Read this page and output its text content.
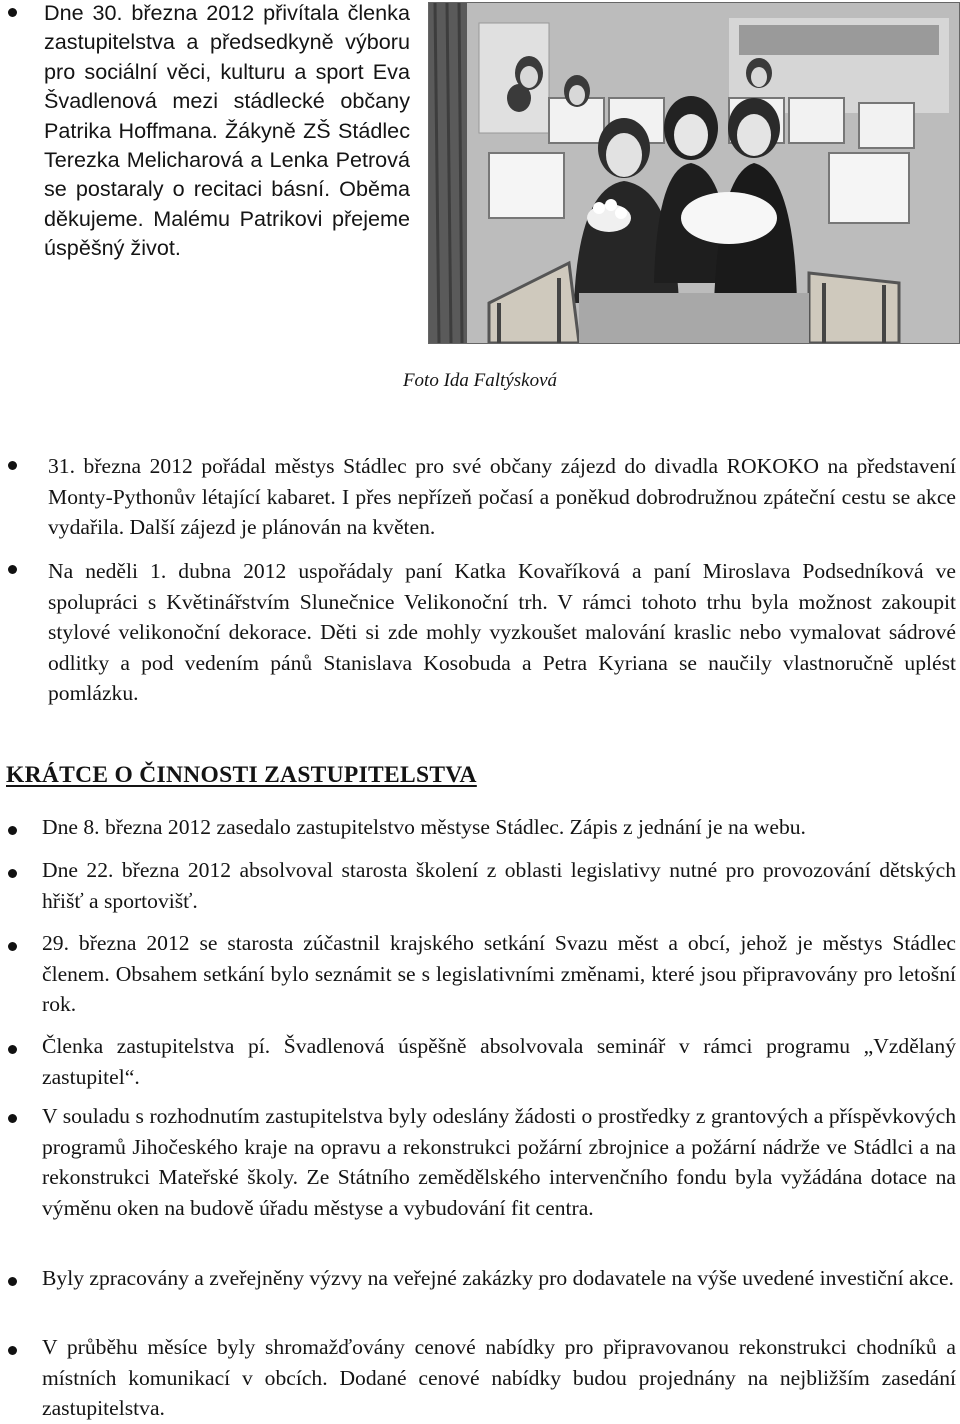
Dne 30. března 2012 přivítala členka zastupitelstva a předsedkyně výboru pro sociální věci, kulturu a sport Eva Švadlenová mezi stádlecké občany Patrika Hoffmana. Žákyně ZŠ Stádlec Terezka Melicharová a Lenka Petrová se postaraly o recitaci básní. Oběma děkujeme. Malému Patrikovi přejeme úspěšný život.
Foto Ida Faltýsková
31. března 2012 pořádal městys Stádlec pro své občany zájezd do divadla ROKOKO na představení Monty-Pythonův létající kabaret. I přes nepřízeň počasí a poněkud dobrodružnou zpáteční cestu se akce vydařila. Další zájezd je plánován na květen.
Na neděli 1. dubna 2012 uspořádaly paní Katka Kovaříková a paní Miroslava Podsedníková ve spolupráci s Květinářstvím Slunečnice Velikonoční trh. V rámci tohoto trhu byla možnost zakoupit stylové velikonoční dekorace. Děti si zde mohly vyzkoušet malování kraslic nebo vymalovat sádrové odlitky a pod vedením pánů Stanislava Kosobuda a Petra Kyriana se naučily vlastnoručně uplést pomlázku.
KRÁTCE O ČINNOSTI ZASTUPITELSTVA
Dne 8. března 2012 zasedalo zastupitelstvo městyse Stádlec. Zápis z jednání je na webu.
Dne 22. března 2012 absolvoval starosta školení z oblasti legislativy nutné pro provozování dětských hřišť a sportovišť.
29. března 2012 se starosta zúčastnil krajského setkání Svazu měst a obcí, jehož je městys Stádlec členem. Obsahem setkání bylo seznámit se s legislativními změnami, které jsou připravovány pro letošní rok.
Členka zastupitelstva pí. Švadlenová úspěšně absolvovala seminář v rámci programu „Vzdělaný zastupitel“.
V souladu s rozhodnutím zastupitelstva byly odeslány žádosti o prostředky z grantových a příspěvkových programů Jihočeského kraje na opravu a rekonstrukci požární zbrojnice a požární nádrže ve Stádlci a na rekonstrukci Mateřské školy. Ze Státního zemědělského intervenčního fondu byla vyžádána dotace na výměnu oken na budově úřadu městyse a vybudování fit centra.
Byly zpracovány a zveřejněny výzvy na veřejné zakázky pro dodavatele na výše uvedené investiční akce.
V průběhu měsíce byly shromažďovány cenové nabídky pro připravovanou rekonstrukci chodníků a místních komunikací v obcích. Dodané cenové nabídky budou projednány na nejbližším zasedání zastupitelstva.
